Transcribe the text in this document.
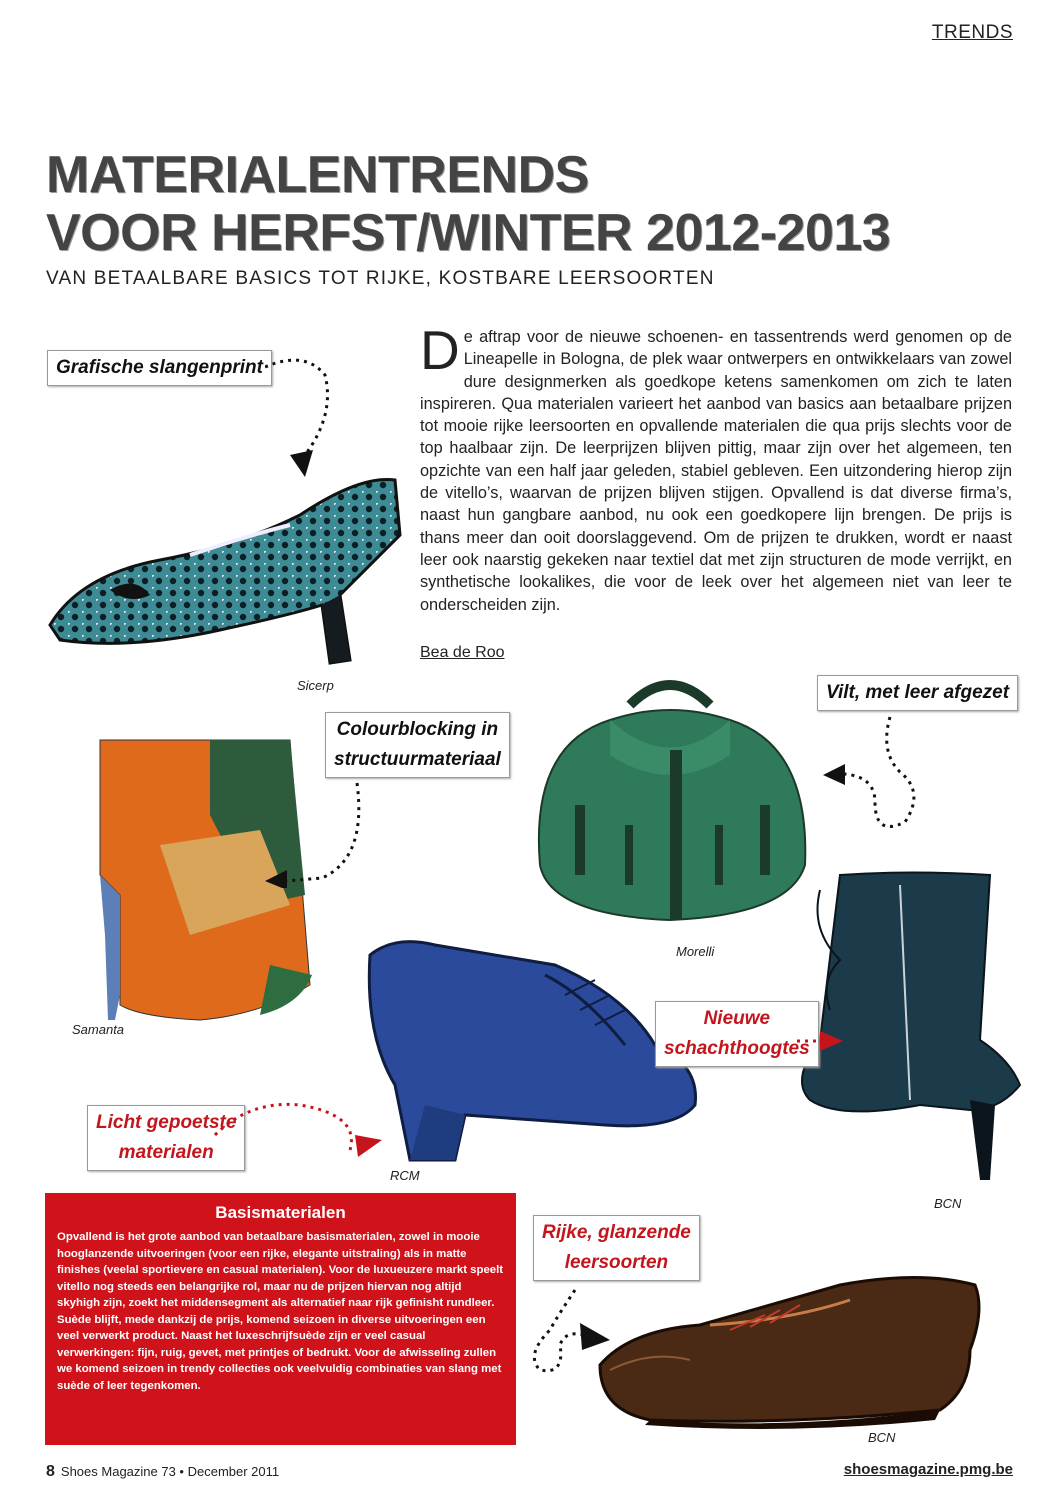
TRENDS
MATERIALENTRENDS
VOOR HERFST/WINTER 2012-2013
VAN BETAALBARE BASICS TOT RIJKE, KOSTBARE LEERSOORTEN
De aftrap voor de nieuwe schoenen- en tassentrends werd genomen op de Lineapelle in Bologna, de plek waar ontwerpers en ontwikkelaars van zowel dure designmerken als goedkope ketens samenkomen om zich te laten inspireren. Qua materialen varieert het aanbod van basics aan betaalbare prijzen tot mooie rijke leersoorten en opvallende materialen die qua prijs slechts voor de top haalbaar zijn. De leerprijzen blijven pittig, maar zijn over het algemeen, ten opzichte van een half jaar geleden, stabiel gebleven. Een uitzondering hierop zijn de vitello’s, waarvan de prijzen blijven stijgen. Opvallend is dat diverse firma’s, naast hun gangbare aanbod, nu ook een goedkopere lijn brengen. De prijs is thans meer dan ooit doorslaggevend. Om de prijzen te drukken, wordt er naast leer ook naarstig gekeken naar textiel dat met zijn structuren de mode verrijkt, en synthetische lookalikes, die voor de leek over het algemeen niet van leer te onderscheiden zijn.
Bea de Roo
Sicerp
Grafische slangenprint
Samanta
Colourblocking in
structuurmateriaal
Morelli
Vilt, met leer afgezet
RCM
Licht gepoetste
materialen
BCN
Nieuwe
schachthoogtes
Basismaterialen
Opvallend is het grote aanbod van betaalbare basismaterialen, zowel in mooie hooglanzende uitvoeringen (voor een rijke, elegante uitstraling) als in matte finishes (veelal sportievere en casual materialen). Voor de luxueuzere markt speelt vitello nog steeds een belangrijke rol, maar nu de prijzen hiervan nog altijd skyhigh zijn, zoekt het middensegment als alternatief naar rijk gefinisht rundleer. Suède blijft, mede dankzij de prijs, komend seizoen in diverse uitvoeringen een veel verwerkt product. Naast het luxeschrijfsuède zijn er veel casual verwerkingen: fijn, ruig, gevet, met printjes of bedrukt. Voor de afwisseling zullen we komend seizoen in trendy collecties ook veelvuldig combinaties van slang met suède of leer tegenkomen.
Rijke, glanzende
leersoorten
BCN
8 Shoes Magazine 73 • December 2011	shoesmagazine.pmg.be
